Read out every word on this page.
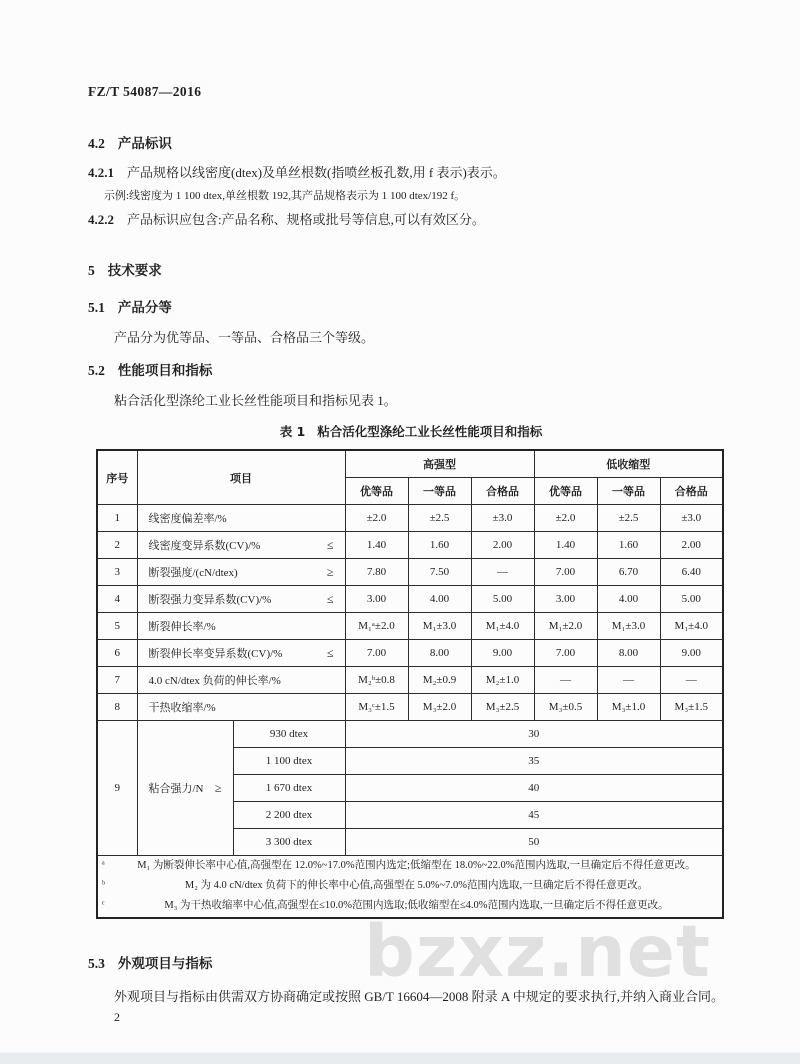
bzxz.net
FZ/T 54087—2016
4.2 产品标识
4.2.1 产品规格以线密度(dtex)及单丝根数(指喷丝板孔数,用 f 表示)表示。
示例:线密度为 1 100 dtex,单丝根数 192,其产品规格表示为 1 100 dtex/192 f。
4.2.2 产品标识应包含:产品名称、规格或批号等信息,可以有效区分。
5 技术要求
5.1 产品分等
产品分为优等品、一等品、合格品三个等级。
5.2 性能项目和指标
粘合活化型涤纶工业长丝性能项目和指标见表 1。
表 1 粘合活化型涤纶工业长丝性能项目和指标
序号	项目		高强型			低收缩型		
			优等品	一等品	合格品	优等品	一等品	合格品
1	线密度偏差率/%		±2.0	±2.5	±3.0	±2.0	±2.5	±3.0
2	线密度变异系数(CV)/% ≤		1.40	1.60	2.00	1.40	1.60	2.00
3	断裂强度/(cN/dtex) ≥		7.80	7.50	—	7.00	6.70	6.40
4	断裂强力变异系数(CV)/% ≤		3.00	4.00	5.00	3.00	4.00	5.00
5	断裂伸长率/%		M₁ᵃ±2.0	M₁±3.0	M₁±4.0	M₁±2.0	M₁±3.0	M₁±4.0
6	断裂伸长率变异系数(CV)/% ≤		7.00	8.00	9.00	7.00	8.00	9.00
7	4.0 cN/dtex 负荷的伸长率/%		M₂ᵇ±0.8	M₂±0.9	M₂±1.0	—	—	—
8	干热收缩率/%		M₃ᶜ±1.5	M₃±2.0	M₃±2.5	M₃±0.5	M₃±1.0	M₃±1.5
9	粘合强力/N ≥	930 dtex	30					
		1 100 dtex	35					
		1 670 dtex	40					
		2 200 dtex	45					
		3 300 dtex	50					

ᵃ	M₁ 为断裂伸长率中心值,高强型在 12.0%~17.0%范围内选定;低缩型在 18.0%~22.0%范围内选取,一旦确定后不得任意更改。
ᵇ	M₂ 为 4.0 cN/dtex 负荷下的伸长率中心值,高强型在 5.0%~7.0%范围内选取,一旦确定后不得任意更改。
ᶜ	M₃ 为干热收缩率中心值,高强型在≤10.0%范围内选取;低收缩型在≤4.0%范围内选取,一旦确定后不得任意更改。
5.3 外观项目与指标
外观项目与指标由供需双方协商确定或按照 GB/T 16604—2008 附录 A 中规定的要求执行,并纳入商业合同。
2
